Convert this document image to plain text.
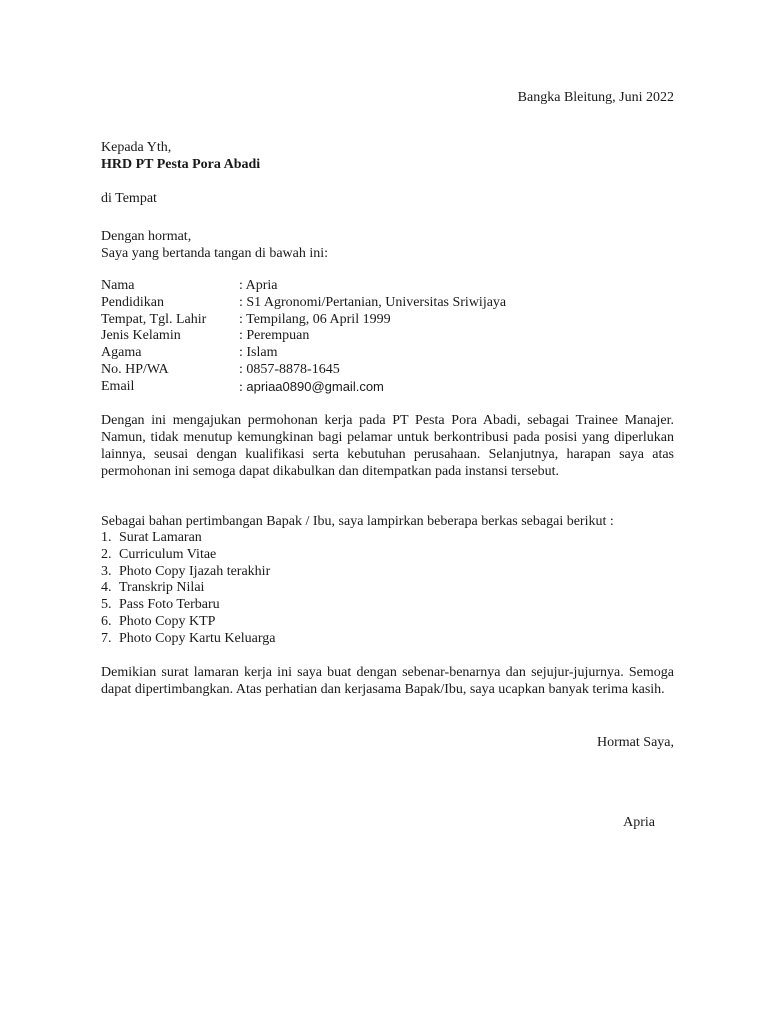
Bangka Bleitung, Juni 2022
Kepada Yth,
HRD PT Pesta Pora Abadi
di Tempat
Dengan hormat,
Saya yang bertanda tangan di bawah ini:
Nama	: Apria
Pendidikan	: S1 Agronomi/Pertanian, Universitas Sriwijaya
Tempat, Tgl. Lahir	: Tempilang, 06 April 1999
Jenis Kelamin	: Perempuan
Agama	: Islam
No. HP/WA	: 0857-8878-1645
Email	: apriaa0890@gmail.com
Dengan ini mengajukan permohonan kerja pada PT Pesta Pora Abadi, sebagai Trainee Manajer. Namun, tidak menutup kemungkinan bagi pelamar untuk berkontribusi pada posisi yang diperlukan lainnya, seusai dengan kualifikasi serta kebutuhan perusahaan. Selanjutnya, harapan saya atas permohonan ini semoga dapat dikabulkan dan ditempatkan pada instansi tersebut.
Sebagai bahan pertimbangan Bapak / Ibu, saya lampirkan beberapa berkas sebagai berikut :
1. Surat Lamaran
2. Curriculum Vitae
3. Photo Copy Ijazah terakhir
4. Transkrip Nilai
5. Pass Foto Terbaru
6. Photo Copy KTP
7. Photo Copy Kartu Keluarga
Demikian surat lamaran kerja ini saya buat dengan sebenar-benarnya dan sejujur-jujurnya. Semoga dapat dipertimbangkan. Atas perhatian dan kerjasama Bapak/Ibu, saya ucapkan banyak terima kasih.
Hormat Saya,
Apria
